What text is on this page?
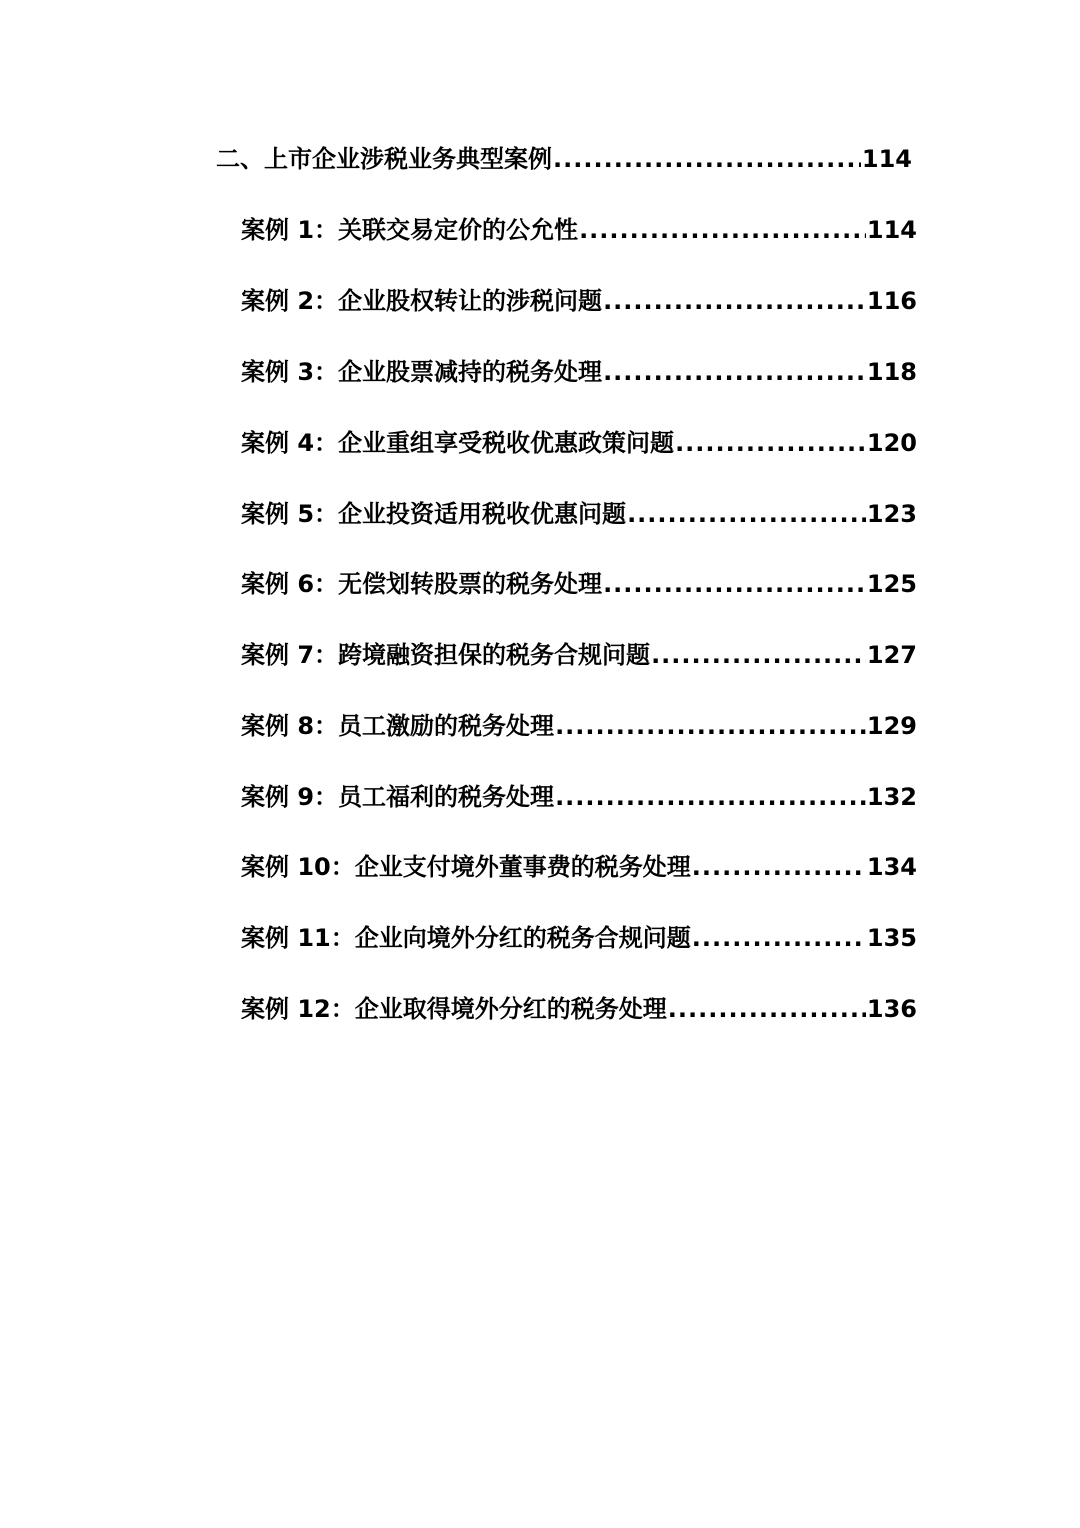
二、上市企业涉税业务典型案例 .....	114
案例 1：关联交易定价的公允性 .....	114
案例 2：企业股权转让的涉税问题 .....	116
案例 3：企业股票减持的税务处理 .....	118
案例 4：企业重组享受税收优惠政策问题 .....	120
案例 5：企业投资适用税收优惠问题 .....	123
案例 6：无偿划转股票的税务处理 .....	125
案例 7：跨境融资担保的税务合规问题 .....	127
案例 8：员工激励的税务处理 .....	129
案例 9：员工福利的税务处理 .....	132
案例 10：企业支付境外董事费的税务处理 .....	134
案例 11：企业向境外分红的税务合规问题 .....	135
案例 12：企业取得境外分红的税务处理 .....	136
